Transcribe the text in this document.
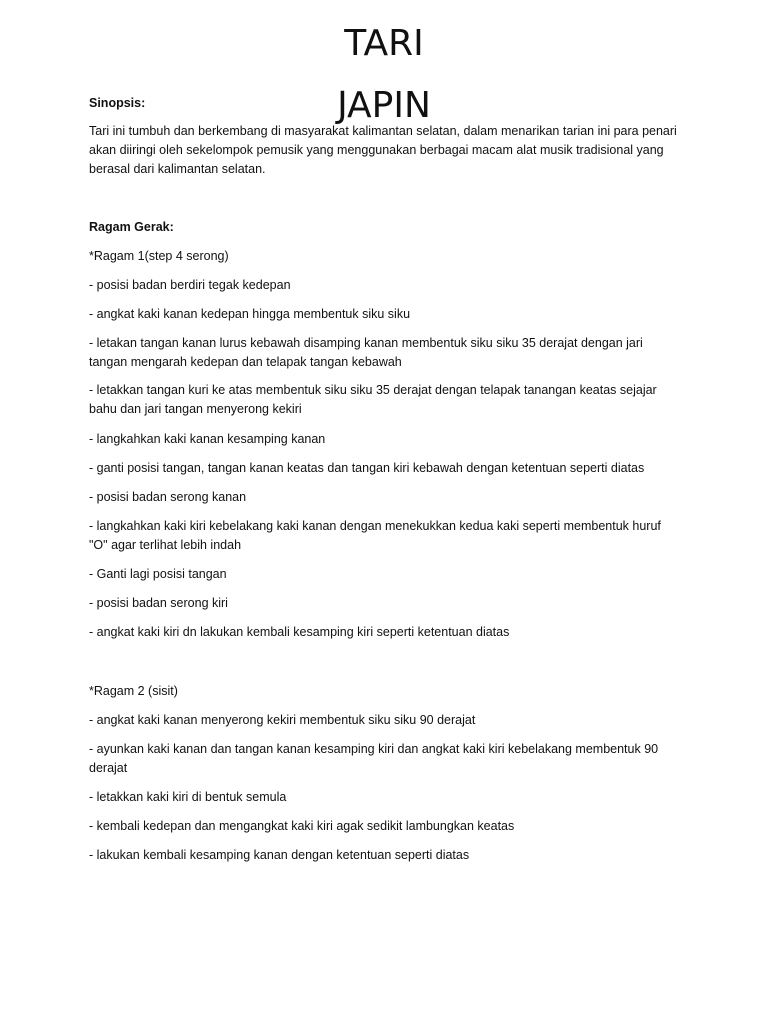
TARI
JAPIN
Sinopsis:
Tari ini tumbuh dan berkembang di masyarakat kalimantan selatan, dalam menarikan tarian ini para penari akan diiringi oleh sekelompok pemusik yang menggunakan berbagai macam alat musik tradisional yang berasal dari kalimantan selatan.
Ragam Gerak:
*Ragam 1(step 4 serong)
- posisi badan berdiri tegak kedepan
- angkat kaki kanan kedepan hingga membentuk siku siku
- letakan tangan kanan lurus kebawah disamping kanan membentuk siku siku 35 derajat dengan jari tangan mengarah kedepan dan telapak tangan kebawah
- letakkan tangan kuri ke atas membentuk siku siku 35 derajat dengan telapak tanangan keatas sejajar bahu dan jari tangan menyerong kekiri
- langkahkan kaki kanan kesamping kanan
- ganti posisi tangan, tangan kanan keatas dan tangan kiri kebawah dengan ketentuan seperti diatas
- posisi badan serong kanan
- langkahkan kaki kiri kebelakang kaki kanan dengan menekukkan kedua kaki seperti membentuk huruf "O" agar terlihat lebih indah
- Ganti lagi posisi tangan
- posisi badan serong kiri
- angkat kaki kiri dn lakukan kembali kesamping kiri seperti ketentuan diatas
*Ragam 2 (sisit)
- angkat kaki kanan menyerong kekiri membentuk siku siku 90 derajat
- ayunkan kaki kanan dan tangan kanan kesamping kiri dan angkat kaki kiri kebelakang membentuk 90 derajat
- letakkan kaki kiri di bentuk semula
- kembali kedepan dan mengangkat kaki kiri agak sedikit lambungkan keatas
- lakukan kembali kesamping kanan dengan ketentuan seperti diatas
